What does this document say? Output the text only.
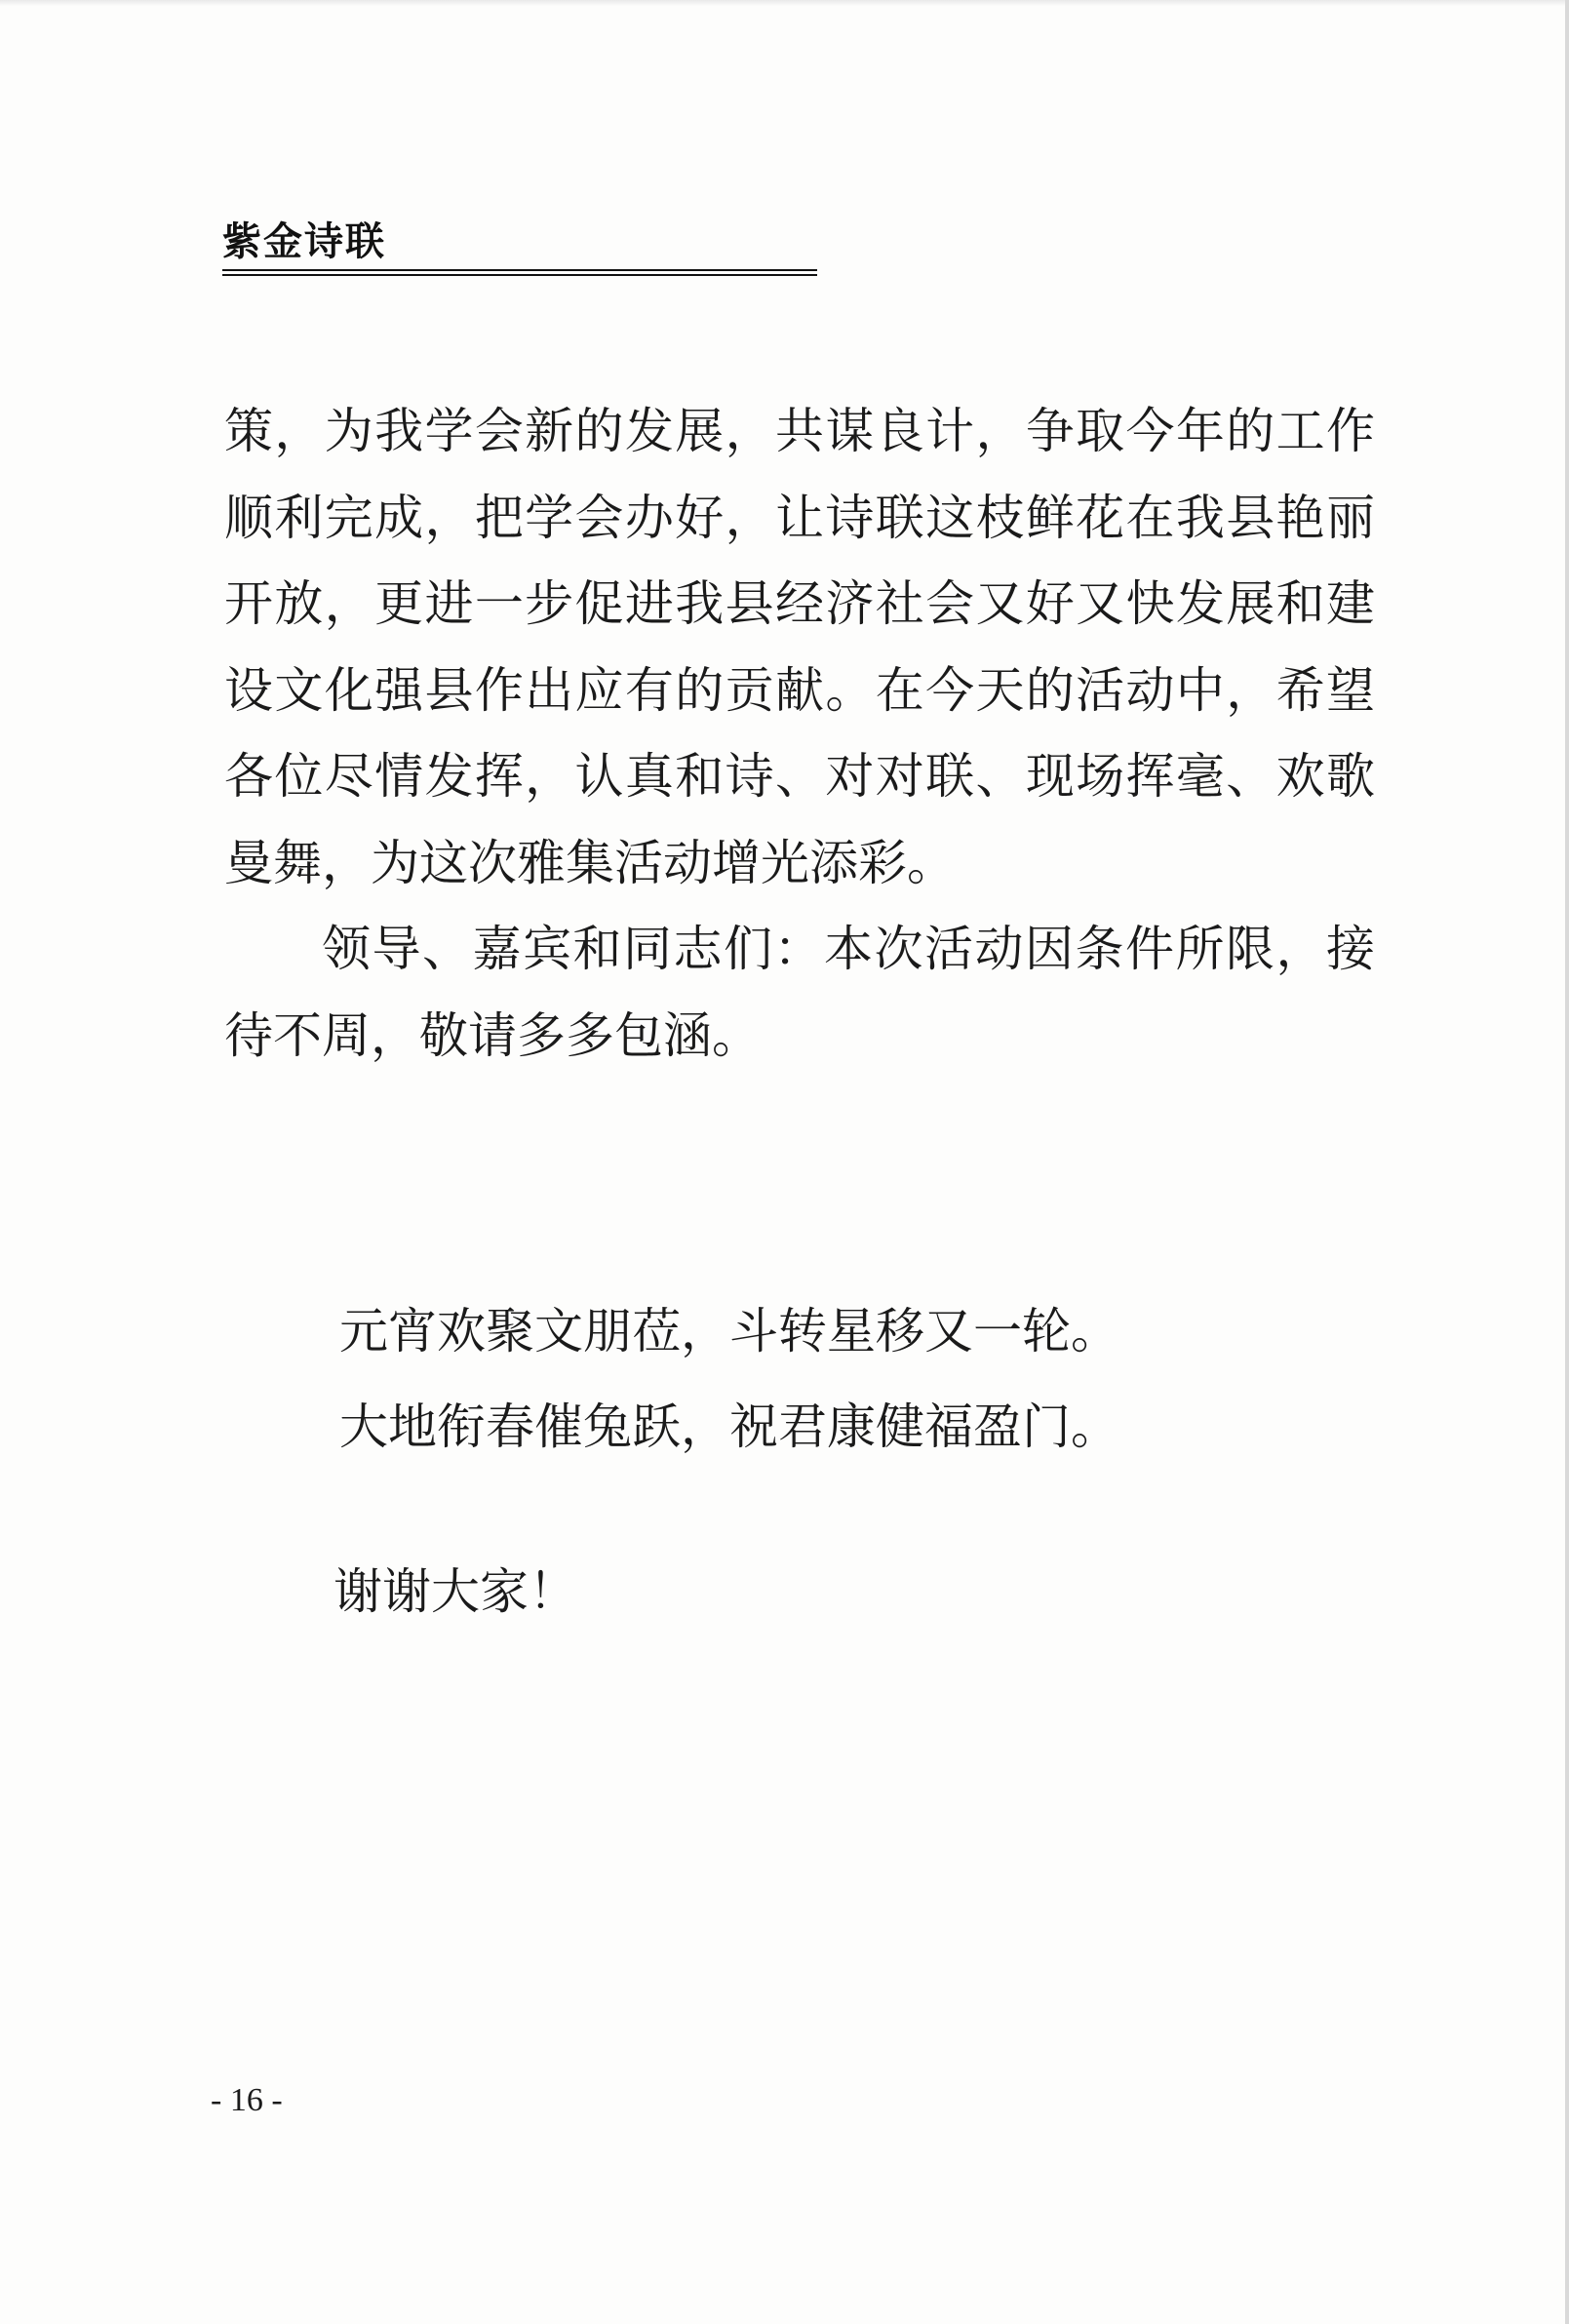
紫金诗联

策，为我学会新的发展，共谋良计，争取今年的工作顺利完成，把学会办好，让诗联这枝鲜花在我县艳丽开放，更进一步促进我县经济社会又好又快发展和建设文化强县作出应有的贡献。在今天的活动中，希望各位尽情发挥，认真和诗、对对联、现场挥毫、欢歌曼舞，为这次雅集活动增光添彩。

领导、嘉宾和同志们：本次活动因条件所限，接待不周，敬请多多包涵。

元宵欢聚文朋莅，斗转星移又一轮。
大地衔春催兔跃，祝君康健福盈门。
谢谢大家！
- 16 -
